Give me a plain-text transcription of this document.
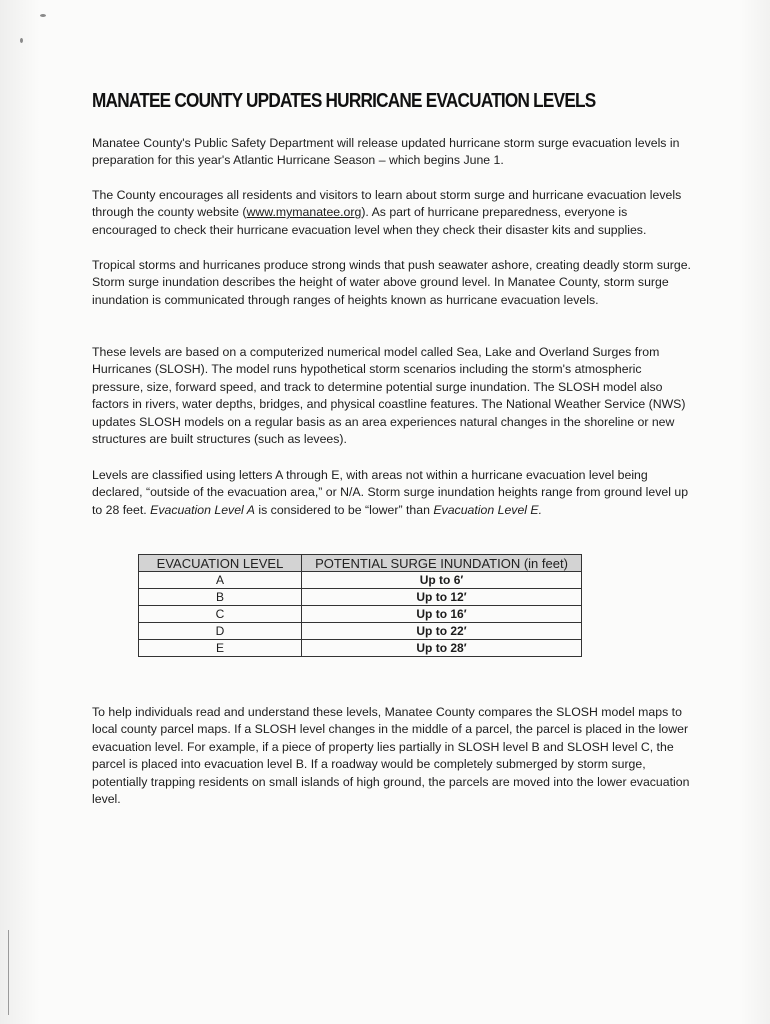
MANATEE COUNTY UPDATES HURRICANE EVACUATION LEVELS

Manatee County's Public Safety Department will release updated hurricane storm surge evacuation levels in preparation for this year's Atlantic Hurricane Season – which begins June 1.

The County encourages all residents and visitors to learn about storm surge and hurricane evacuation levels through the county website (www.mymanatee.org). As part of hurricane preparedness, everyone is encouraged to check their hurricane evacuation level when they check their disaster kits and supplies.

Tropical storms and hurricanes produce strong winds that push seawater ashore, creating deadly storm surge. Storm surge inundation describes the height of water above ground level. In Manatee County, storm surge inundation is communicated through ranges of heights known as hurricane evacuation levels.

These levels are based on a computerized numerical model called Sea, Lake and Overland Surges from Hurricanes (SLOSH). The model runs hypothetical storm scenarios including the storm's atmospheric pressure, size, forward speed, and track to determine potential surge inundation. The SLOSH model also factors in rivers, water depths, bridges, and physical coastline features. The National Weather Service (NWS) updates SLOSH models on a regular basis as an area experiences natural changes in the shoreline or new structures are built structures (such as levees).

Levels are classified using letters A through E, with areas not within a hurricane evacuation level being declared, “outside of the evacuation area,” or N/A. Storm surge inundation heights range from ground level up to 28 feet. Evacuation Level A is considered to be “lower” than Evacuation Level E.

EVACUATION LEVEL	POTENTIAL SURGE INUNDATION (in feet)
A	Up to 6′
B	Up to 12′
C	Up to 16′
D	Up to 22′
E	Up to 28′

To help individuals read and understand these levels, Manatee County compares the SLOSH model maps to local county parcel maps. If a SLOSH level changes in the middle of a parcel, the parcel is placed in the lower evacuation level. For example, if a piece of property lies partially in SLOSH level B and SLOSH level C, the parcel is placed into evacuation level B. If a roadway would be completely submerged by storm surge, potentially trapping residents on small islands of high ground, the parcels are moved into the lower evacuation level.
